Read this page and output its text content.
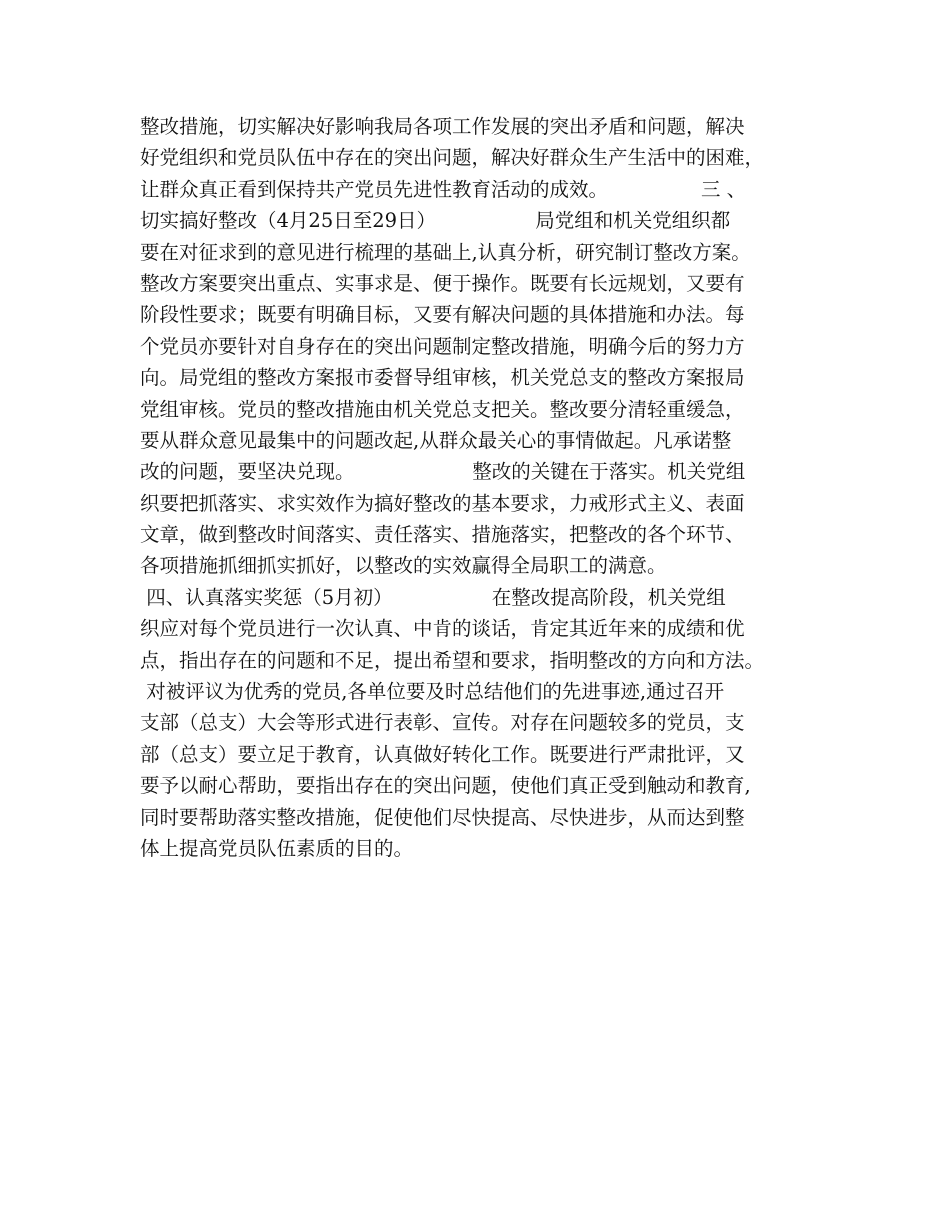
整改措施，切实解决好影响我局各项工作发展的突出矛盾和问题，解决
好党组织和党员队伍中存在的突出问题，解决好群众生产生活中的困难，
让群众真正看到保持共产党员先进性教育活动的成效。               三 、
切实搞好整改（4月25日至29日）                局党组和机关党组织都
要在对征求到的意见进行梳理的基础上,认真分析，研究制订整改方案。
整改方案要突出重点、实事求是、便于操作。既要有长远规划，又要有
阶段性要求；既要有明确目标，又要有解决问题的具体措施和办法。每
个党员亦要针对自身存在的突出问题制定整改措施，明确今后的努力方
向。局党组的整改方案报市委督导组审核，机关党总支的整改方案报局
党组审核。党员的整改措施由机关党总支把关。整改要分清轻重缓急，
要从群众意见最集中的问题改起,从群众最关心的事情做起。凡承诺整
改的问题，要坚决兑现。                   整改的关键在于落实。机关党组
织要把抓落实、求实效作为搞好整改的基本要求，力戒形式主义、表面
文章，做到整改时间落实、责任落实、措施落实，把整改的各个环节、
各项措施抓细抓实抓好，以整改的实效赢得全局职工的满意。
四、认真落实奖惩（5月初）                在整改提高阶段，机关党组
织应对每个党员进行一次认真、中肯的谈话，肯定其近年来的成绩和优
点，指出存在的问题和不足，提出希望和要求，指明整改的方向和方法。
对被评议为优秀的党员,各单位要及时总结他们的先进事迹,通过召开
支部（总支）大会等形式进行表彰、宣传。对存在问题较多的党员，支
部（总支）要立足于教育，认真做好转化工作。既要进行严肃批评，又
要予以耐心帮助，要指出存在的突出问题，使他们真正受到触动和教育,
同时要帮助落实整改措施，促使他们尽快提高、尽快进步，从而达到整
体上提高党员队伍素质的目的。
